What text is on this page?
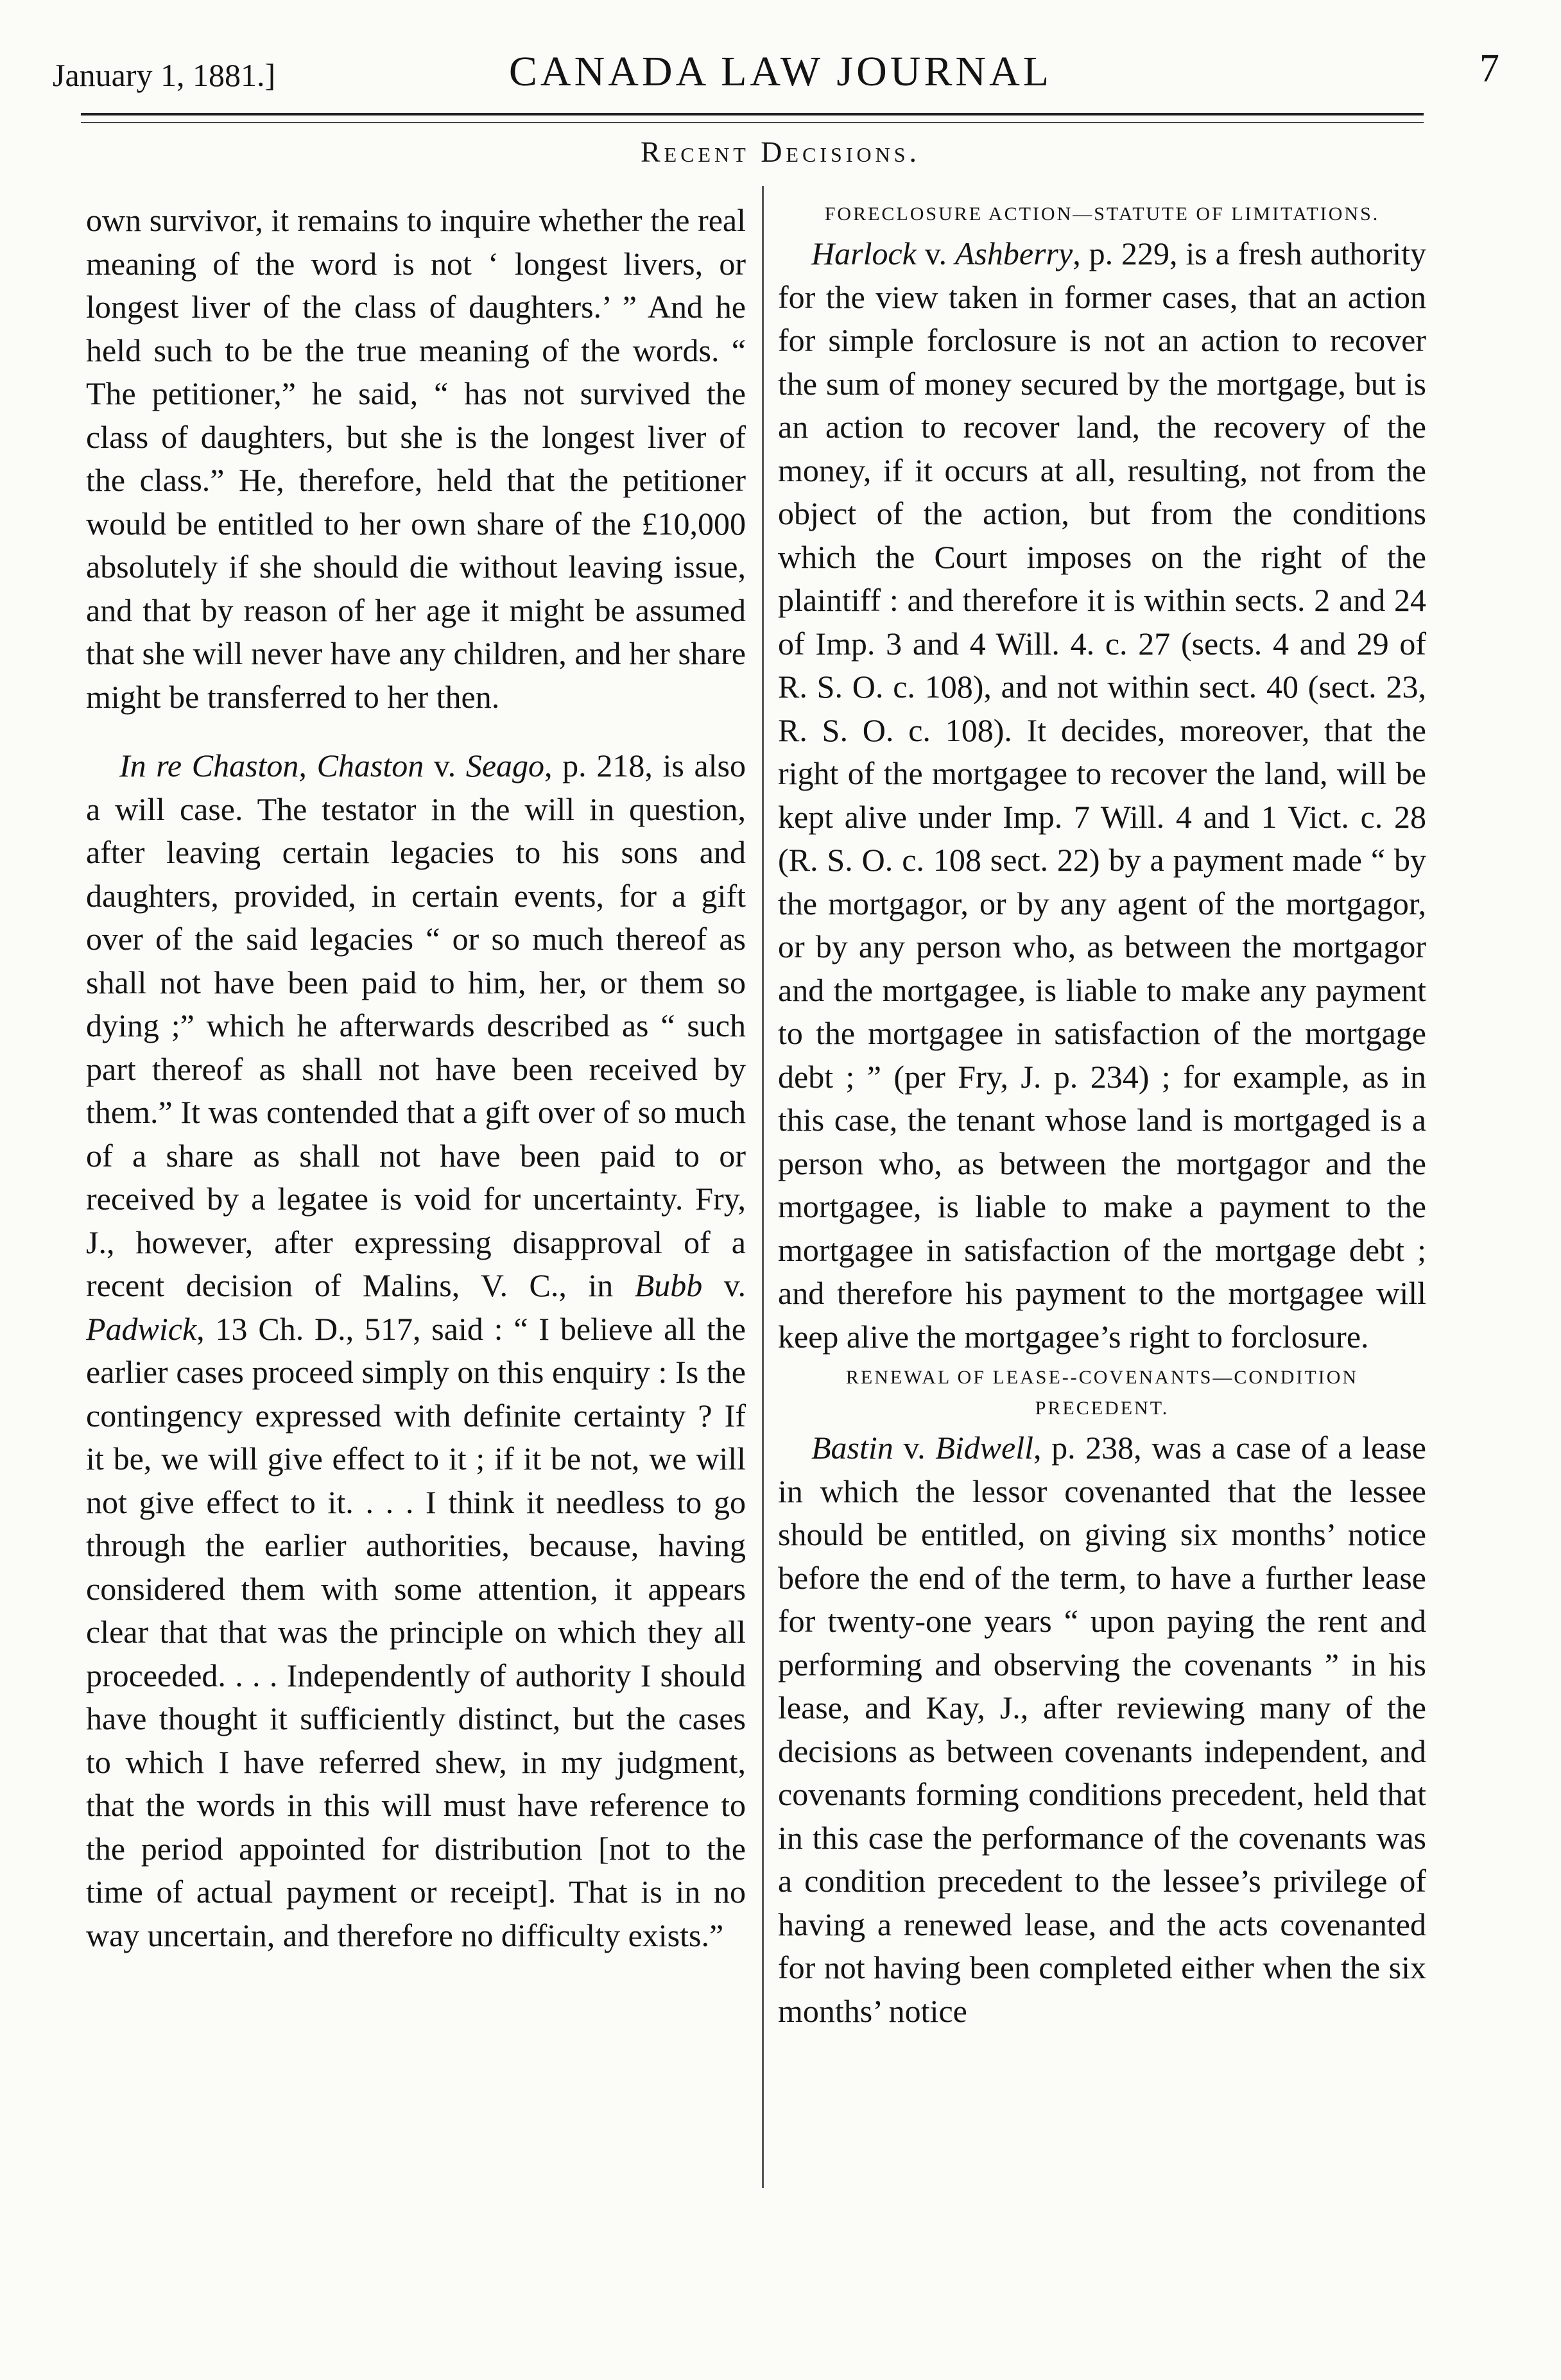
January 1, 1881.]	CANADA LAW JOURNAL	7
Recent Decisions.

own survivor, it remains to inquire whether the real meaning of the word is not ‘ longest livers, or longest liver of the class of daughters.’ ” And he held such to be the true meaning of the words. “ The petitioner,” he said, “ has not survived the class of daughters, but she is the longest liver of the class.” He, therefore, held that the petitioner would be entitled to her own share of the £10,000 absolutely if she should die without leaving issue, and that by reason of her age it might be assumed that she will never have any children, and her share might be transferred to her then.

In re Chaston, Chaston v. Seago, p. 218, is also a will case. The testator in the will in question, after leaving certain legacies to his sons and daughters, provided, in certain events, for a gift over of the said legacies “ or so much thereof as shall not have been paid to him, her, or them so dying ;” which he afterwards described as “ such part thereof as shall not have been received by them.” It was contended that a gift over of so much of a share as shall not have been paid to or received by a legatee is void for uncertainty. Fry, J., however, after expressing disapproval of a recent decision of Malins, V. C., in Bubb v. Padwick, 13 Ch. D., 517, said : “ I believe all the earlier cases proceed simply on this enquiry : Is the contingency expressed with definite certainty ? If it be, we will give effect to it ; if it be not, we will not give effect to it. . . . I think it needless to go through the earlier authorities, because, having considered them with some attention, it appears clear that that was the principle on which they all proceeded. . . . Independently of authority I should have thought it sufficiently distinct, but the cases to which I have referred shew, in my judgment, that the words in this will must have reference to the period appointed for distribution [not to the time of actual payment or receipt]. That is in no way uncertain, and therefore no difficulty exists.”

FORECLOSURE ACTION—STATUTE OF LIMITATIONS.

Harlock v. Ashberry, p. 229, is a fresh authority for the view taken in former cases, that an action for simple forclosure is not an action to recover the sum of money secured by the mortgage, but is an action to recover land, the recovery of the money, if it occurs at all, resulting, not from the object of the action, but from the conditions which the Court imposes on the right of the plaintiff : and therefore it is within sects. 2 and 24 of Imp. 3 and 4 Will. 4. c. 27 (sects. 4 and 29 of R. S. O. c. 108), and not within sect. 40 (sect. 23, R. S. O. c. 108). It decides, moreover, that the right of the mortgagee to recover the land, will be kept alive under Imp. 7 Will. 4 and 1 Vict. c. 28 (R. S. O. c. 108 sect. 22) by a payment made “ by the mortgagor, or by any agent of the mortgagor, or by any person who, as between the mortgagor and the mortgagee, is liable to make any payment to the mortgagee in satisfaction of the mortgage debt ; ” (per Fry, J. p. 234) ; for example, as in this case, the tenant whose land is mortgaged is a person who, as between the mortgagor and the mortgagee, is liable to make a payment to the mortgagee in satisfaction of the mortgage debt ; and therefore his payment to the mortgagee will keep alive the mortgagee’s right to forclosure.

RENEWAL OF LEASE--COVENANTS—CONDITION PRECEDENT.

Bastin v. Bidwell, p. 238, was a case of a lease in which the lessor covenanted that the lessee should be entitled, on giving six months’ notice before the end of the term, to have a further lease for twenty-one years “ upon paying the rent and performing and observing the covenants ” in his lease, and Kay, J., after reviewing many of the decisions as between covenants independent, and covenants forming conditions precedent, held that in this case the performance of the covenants was a condition precedent to the lessee’s privilege of having a renewed lease, and the acts covenanted for not having been completed either when the six months’ notice
